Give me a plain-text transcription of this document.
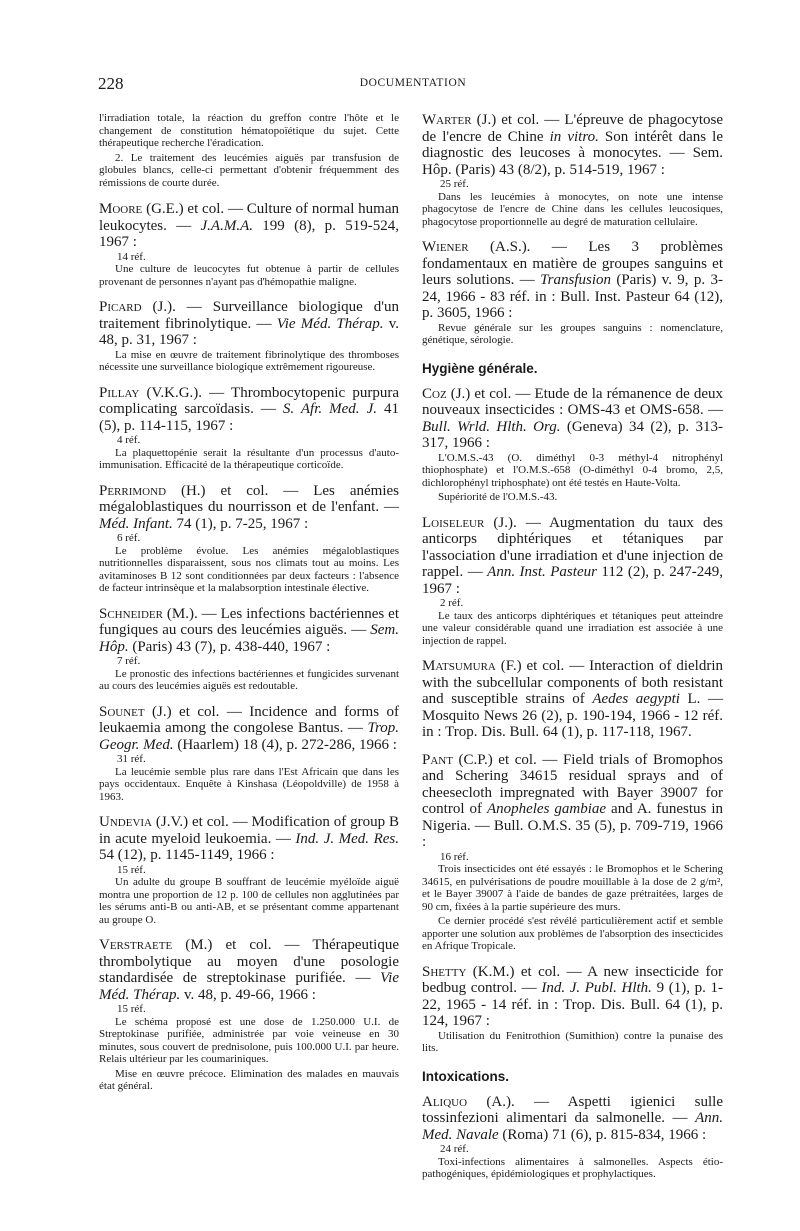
228	DOCUMENTATION

l'irradiation totale, la réaction du greffon contre l'hôte et le changement de constitution hématopoïétique du sujet. Cette thérapeutique recherche l'éradication.

2. Le traitement des leucémies aiguës par transfusion de globules blancs, celle-ci permettant d'obtenir fréquemment des rémissions de courte durée.

Moore (G.E.) et col. — Culture of normal human leukocytes. — J.A.M.A. 199 (8), p. 519-524, 1967 :
14 réf.
Une culture de leucocytes fut obtenue à partir de cellules provenant de personnes n'ayant pas d'hémopathie maligne.
Picard (J.). — Surveillance biologique d'un traitement fibrinolytique. — Vie Méd. Thérap. v. 48, p. 31, 1967 :
La mise en œuvre de traitement fibrinolytique des thromboses nécessite une surveillance biologique extrêmement rigoureuse.
Pillay (V.K.G.). — Thrombocytopenic purpura complicating sarcoïdasis. — S. Afr. Med. J. 41 (5), p. 114-115, 1967 :
4 réf.
La plaquettopénie serait la résultante d'un processus d'auto-immunisation. Efficacité de la thérapeutique corticoïde.
Perrimond (H.) et col. — Les anémies mégaloblastiques du nourrisson et de l'enfant. — Méd. Infant. 74 (1), p. 7-25, 1967 :
6 réf.
Le problème évolue. Les anémies mégaloblastiques nutritionnelles disparaissent, sous nos climats tout au moins. Les avitaminoses B 12 sont conditionnées par deux facteurs : l'absence de facteur intrinsèque et la malabsorption intestinale élective.
Schneider (M.). — Les infections bactériennes et fungiques au cours des leucémies aiguës. — Sem. Hôp. (Paris) 43 (7), p. 438-440, 1967 :
7 réf.
Le pronostic des infections bactériennes et fungicides survenant au cours des leucémies aiguës est redoutable.
Sounet (J.) et col. — Incidence and forms of leukaemia among the congolese Bantus. — Trop. Geogr. Med. (Haarlem) 18 (4), p. 272-286, 1966 :
31 réf.
La leucémie semble plus rare dans l'Est Africain que dans les pays occidentaux. Enquête à Kinshasa (Léopoldville) de 1958 à 1963.
Undevia (J.V.) et col. — Modification of group B in acute myeloid leukoemia. — Ind. J. Med. Res. 54 (12), p. 1145-1149, 1966 :
15 réf.
Un adulte du groupe B souffrant de leucémie myéloïde aiguë montra une proportion de 12 p. 100 de cellules non agglutinées par les sérums anti-B ou anti-AB, et se présentant comme appartenant au groupe O.
Verstraete (M.) et col. — Thérapeutique thrombolytique au moyen d'une posologie standardisée de streptokinase purifiée. — Vie Méd. Thérap. v. 48, p. 49-66, 1966 :
15 réf.
Le schéma proposé est une dose de 1.250.000 U.I. de Streptokinase purifiée, administrée par voie veineuse en 30 minutes, sous couvert de prednisolone, puis 100.000 U.I. par heure. Relais ultérieur par les coumariniques.
Mise en œuvre précoce. Elimination des malades en mauvais état général.
Warter (J.) et col. — L'épreuve de phagocytose de l'encre de Chine in vitro. Son intérêt dans le diagnostic des leucoses à monocytes. — Sem. Hôp. (Paris) 43 (8/2), p. 514-519, 1967 :
25 réf.
Dans les leucémies à monocytes, on note une intense phagocytose de l'encre de Chine dans les cellules leucosiques, phagocytose proportionnelle au degré de maturation cellulaire.
Wiener (A.S.). — Les 3 problèmes fondamentaux en matière de groupes sanguins et leurs solutions. — Transfusion (Paris) v. 9, p. 3-24, 1966 - 83 réf. in : Bull. Inst. Pasteur 64 (12), p. 3605, 1966 :
Revue générale sur les groupes sanguins : nomenclature, génétique, sérologie.
Hygiène générale.
Coz (J.) et col. — Etude de la rémanence de deux nouveaux insecticides : OMS-43 et OMS-658. — Bull. Wrld. Hlth. Org. (Geneva) 34 (2), p. 313-317, 1966 :
L'O.M.S.-43 (O. diméthyl 0-3 méthyl-4 nitrophényl thiophosphate) et l'O.M.S.-658 (O-diméthyl 0-4 bromo, 2,5, dichlorophényl triphosphate) ont été testés en Haute-Volta.
Supériorité de l'O.M.S.-43.
Loiseleur (J.). — Augmentation du taux des anticorps diphtériques et tétaniques par l'association d'une irradiation et d'une injection de rappel. — Ann. Inst. Pasteur 112 (2), p. 247-249, 1967 :
2 réf.
Le taux des anticorps diphtériques et tétaniques peut atteindre une valeur considérable quand une irradiation est associée à une injection de rappel.
Matsumura (F.) et col. — Interaction of dieldrin with the subcellular components of both resistant and susceptible strains of Aedes aegypti L. — Mosquito News 26 (2), p. 190-194, 1966 - 12 réf. in : Trop. Dis. Bull. 64 (1), p. 117-118, 1967.
Pant (C.P.) et col. — Field trials of Bromophos and Schering 34615 residual sprays and of cheesecloth impregnated with Bayer 39007 for control of Anopheles gambiae and A. funestus in Nigeria. — Bull. O.M.S. 35 (5), p. 709-719, 1966 :
16 réf.
Trois insecticides ont été essayés : le Bromophos et le Schering 34615, en pulvérisations de poudre mouillable à la dose de 2 g/m², et le Bayer 39007 à l'aide de bandes de gaze prétraitées, larges de 90 cm, fixées à la partie supérieure des murs.
Ce dernier procédé s'est révélé particulièrement actif et semble apporter une solution aux problèmes de l'absorption des insecticides en Afrique Tropicale.
Shetty (K.M.) et col. — A new insecticide for bedbug control. — Ind. J. Publ. Hlth. 9 (1), p. 1-22, 1965 - 14 réf. in : Trop. Dis. Bull. 64 (1), p. 124, 1967 :
Utilisation du Fenitrothion (Sumithion) contre la punaise des lits.
Intoxications.
Aliquo (A.). — Aspetti igienici sulle tossinfezioni alimentari da salmonelle. — Ann. Med. Navale (Roma) 71 (6), p. 815-834, 1966 :
24 réf.
Toxi-infections alimentaires à salmonelles. Aspects étio-pathogéniques, épidémiologiques et prophylactiques.
